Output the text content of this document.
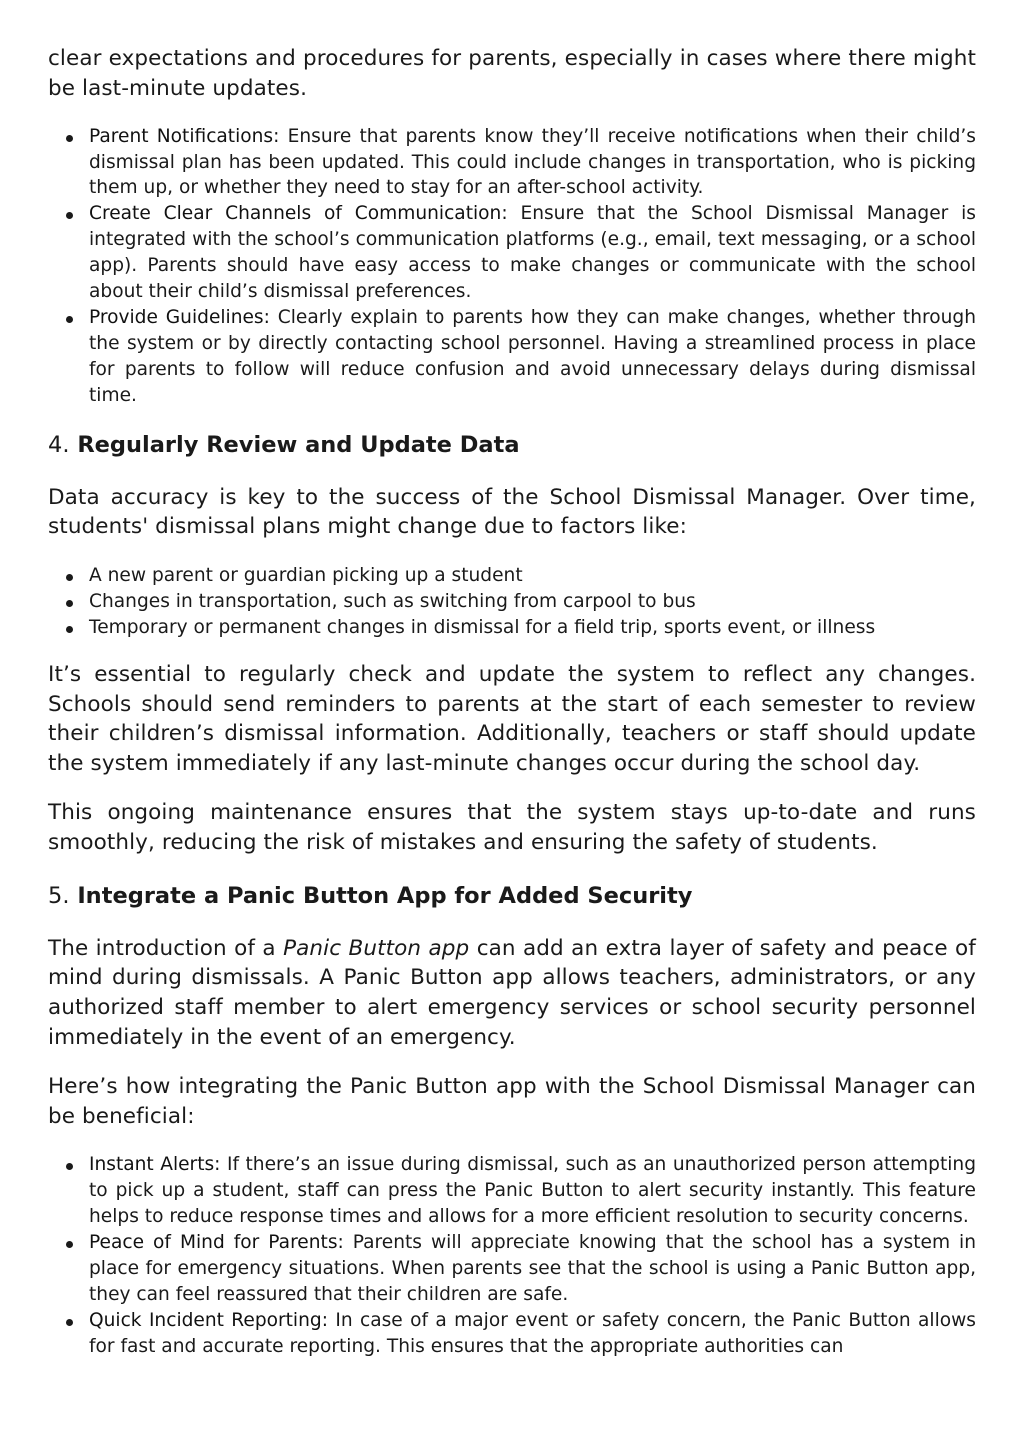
clear expectations and procedures for parents, especially in cases where there might be last-minute updates.

Parent Notifications: Ensure that parents know they’ll receive notifications when their child’s dismissal plan has been updated. This could include changes in transportation, who is picking them up, or whether they need to stay for an after-school activity.
Create Clear Channels of Communication: Ensure that the School Dismissal Manager is integrated with the school’s communication platforms (e.g., email, text messaging, or a school app). Parents should have easy access to make changes or communicate with the school about their child’s dismissal preferences.
Provide Guidelines: Clearly explain to parents how they can make changes, whether through the system or by directly contacting school personnel. Having a streamlined process in place for parents to follow will reduce confusion and avoid unnecessary delays during dismissal time.
4. Regularly Review and Update Data

Data accuracy is key to the success of the School Dismissal Manager. Over time, students' dismissal plans might change due to factors like:

A new parent or guardian picking up a student
Changes in transportation, such as switching from carpool to bus
Temporary or permanent changes in dismissal for a field trip, sports event, or illness

It’s essential to regularly check and update the system to reflect any changes. Schools should send reminders to parents at the start of each semester to review their children’s dismissal information. Additionally, teachers or staff should update the system immediately if any last-minute changes occur during the school day.

This ongoing maintenance ensures that the system stays up-to-date and runs smoothly, reducing the risk of mistakes and ensuring the safety of students.

5. Integrate a Panic Button App for Added Security

The introduction of a Panic Button app can add an extra layer of safety and peace of mind during dismissals. A Panic Button app allows teachers, administrators, or any authorized staff member to alert emergency services or school security personnel immediately in the event of an emergency.

Here’s how integrating the Panic Button app with the School Dismissal Manager can be beneficial:

Instant Alerts: If there’s an issue during dismissal, such as an unauthorized person attempting to pick up a student, staff can press the Panic Button to alert security instantly. This feature helps to reduce response times and allows for a more efficient resolution to security concerns.
Peace of Mind for Parents: Parents will appreciate knowing that the school has a system in place for emergency situations. When parents see that the school is using a Panic Button app, they can feel reassured that their children are safe.
Quick Incident Reporting: In case of a major event or safety concern, the Panic Button allows for fast and accurate reporting. This ensures that the appropriate authorities can
